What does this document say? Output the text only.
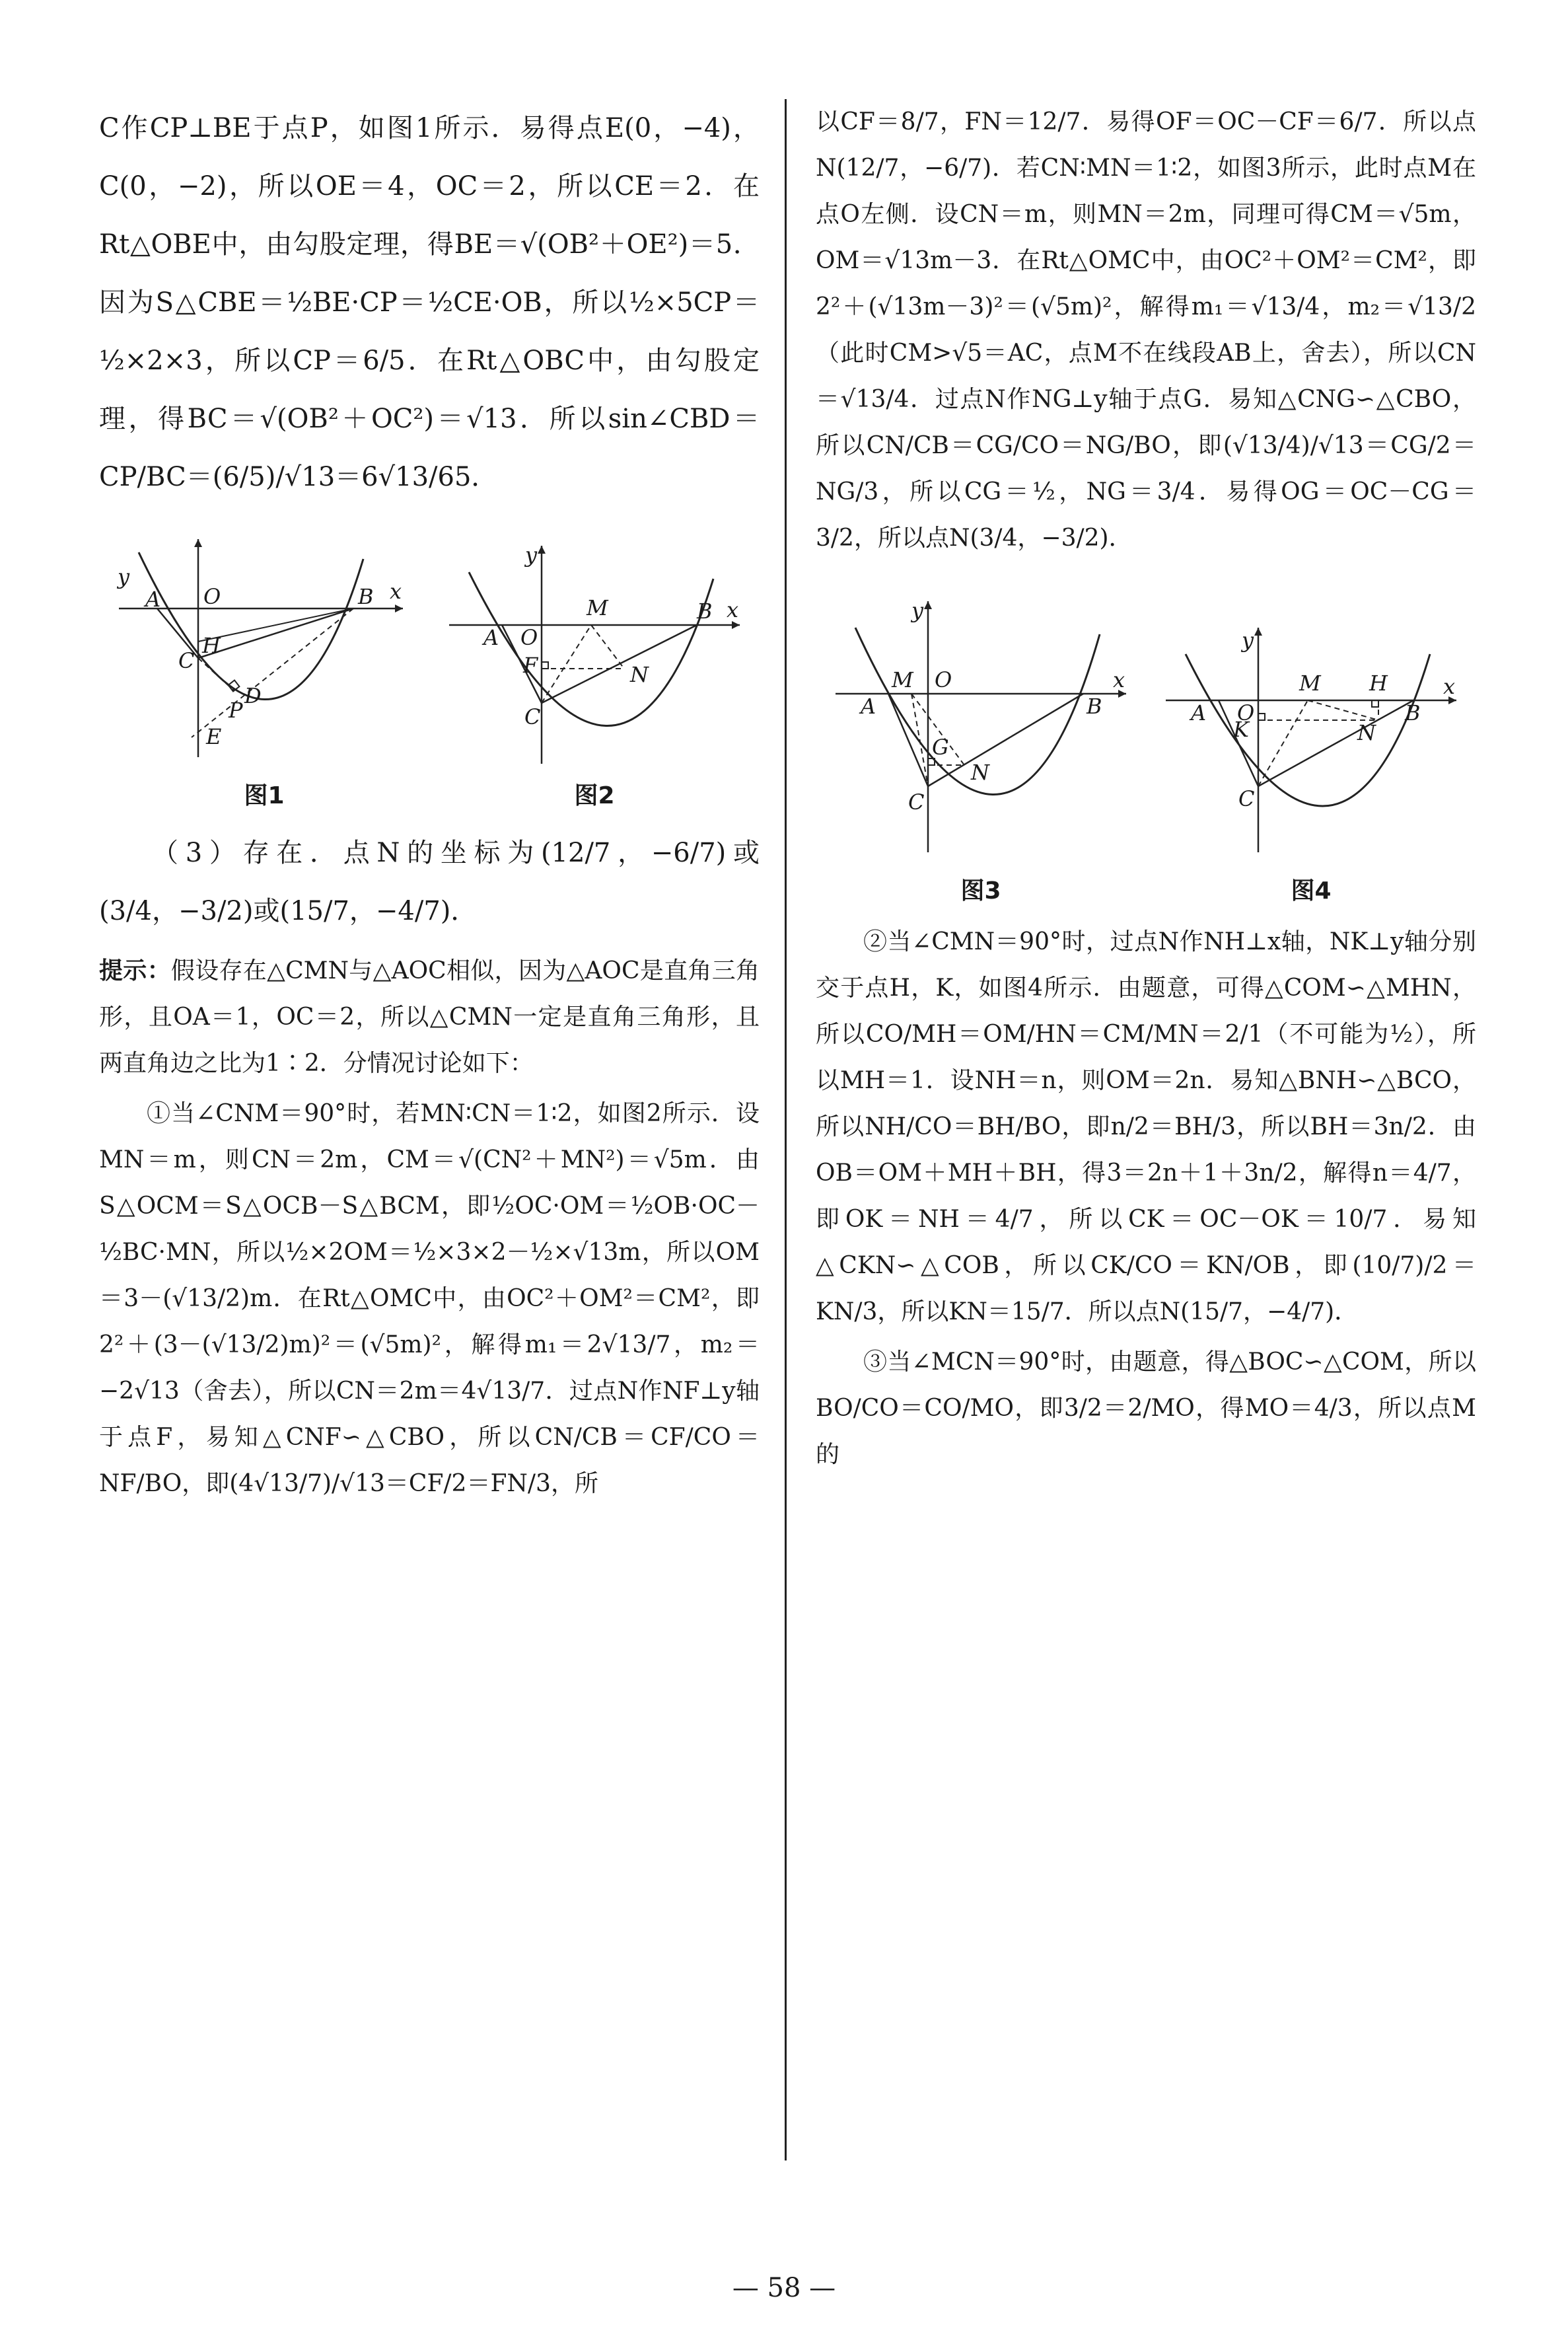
C作CP⊥BE于点P，如图1所示．易得点E(0，−4)，C(0，−2)，所以OE＝4，OC＝2，所以CE＝2．在Rt△OBE中，由勾股定理，得BE＝√(OB²＋OE²)＝5．因为S△CBE＝½BE·CP＝½CE·OB，所以½×5CP＝½×2×3，所以CP＝6/5．在Rt△OBC中，由勾股定理，得BC＝√(OB²＋OC²)＝√13．所以sin∠CBD＝CP/BC＝(6/5)/√13＝6√13/65．

y
x
A O	B
C
H
D
P
E
图1
y
x
A O
B
M
F	N
C
图2

（3）存在．点N的坐标为(12/7，−6/7)或(3/4，−3/2)或(15/7，−4/7)．

提示：假设存在△CMN与△AOC相似，因为△AOC是直角三角形，且OA＝1，OC＝2，所以△CMN一定是直角三角形，且两直角边之比为1∶2．分情况讨论如下：

①当∠CNM＝90°时，若MN∶CN＝1∶2，如图2所示．设MN＝m，则CN＝2m，CM＝√(CN²＋MN²)＝√5m．由S△OCM＝S△OCB－S△BCM，即½OC·OM＝½OB·OC－½BC·MN，所以½×2OM＝½×3×2－½×√13m，所以OM＝3－(√13/2)m．在Rt△OMC中，由OC²＋OM²＝CM²，即2²＋(3－(√13/2)m)²＝(√5m)²，解得m₁＝2√13/7，m₂＝−2√13（舍去），所以CN＝2m＝4√13/7．过点N作NF⊥y轴于点F，易知△CNF∽△CBO，所以CN/CB＝CF/CO＝NF/BO，即(4√13/7)/√13＝CF/2＝FN/3，所

以CF＝8/7，FN＝12/7．易得OF＝OC－CF＝6/7．所以点N(12/7，−6/7)．若CN∶MN＝1∶2，如图3所示，此时点M在点O左侧．设CN＝m，则MN＝2m，同理可得CM＝√5m，OM＝√13m－3．在Rt△OMC中，由OC²＋OM²＝CM²，即2²＋(√13m－3)²＝(√5m)²，解得m₁＝√13/4，m₂＝√13/2（此时CM>√5＝AC，点M不在线段AB上，舍去），所以CN＝√13/4．过点N作NG⊥y轴于点G．易知△CNG∽△CBO，所以CN/CB＝CG/CO＝NG/BO，即(√13/4)/√13＝CG/2＝NG/3，所以CG＝½，NG＝3/4．易得OG＝OC－CG＝3/2，所以点N(3/4，−3/2)．

y
x
A
M O
B
G
N
C
图3
y
x
A O
M H
B
K	N
C
图4

②当∠CMN＝90°时，过点N作NH⊥x轴，NK⊥y轴分别交于点H，K，如图4所示．由题意，可得△COM∽△MHN，所以CO/MH＝OM/HN＝CM/MN＝2/1（不可能为½），所以MH＝1．设NH＝n，则OM＝2n．易知△BNH∽△BCO，所以NH/CO＝BH/BO，即n/2＝BH/3，所以BH＝3n/2．由OB＝OM＋MH＋BH，得3＝2n＋1＋3n/2，解得n＝4/7，即OK＝NH＝4/7，所以CK＝OC－OK＝10/7．易知△CKN∽△COB，所以CK/CO＝KN/OB，即(10/7)/2＝KN/3，所以KN＝15/7．所以点N(15/7，−4/7)．

③当∠MCN＝90°时，由题意，得△BOC∽△COM，所以BO/CO＝CO/MO，即3/2＝2/MO，得MO＝4/3，所以点M的

— 58 —
